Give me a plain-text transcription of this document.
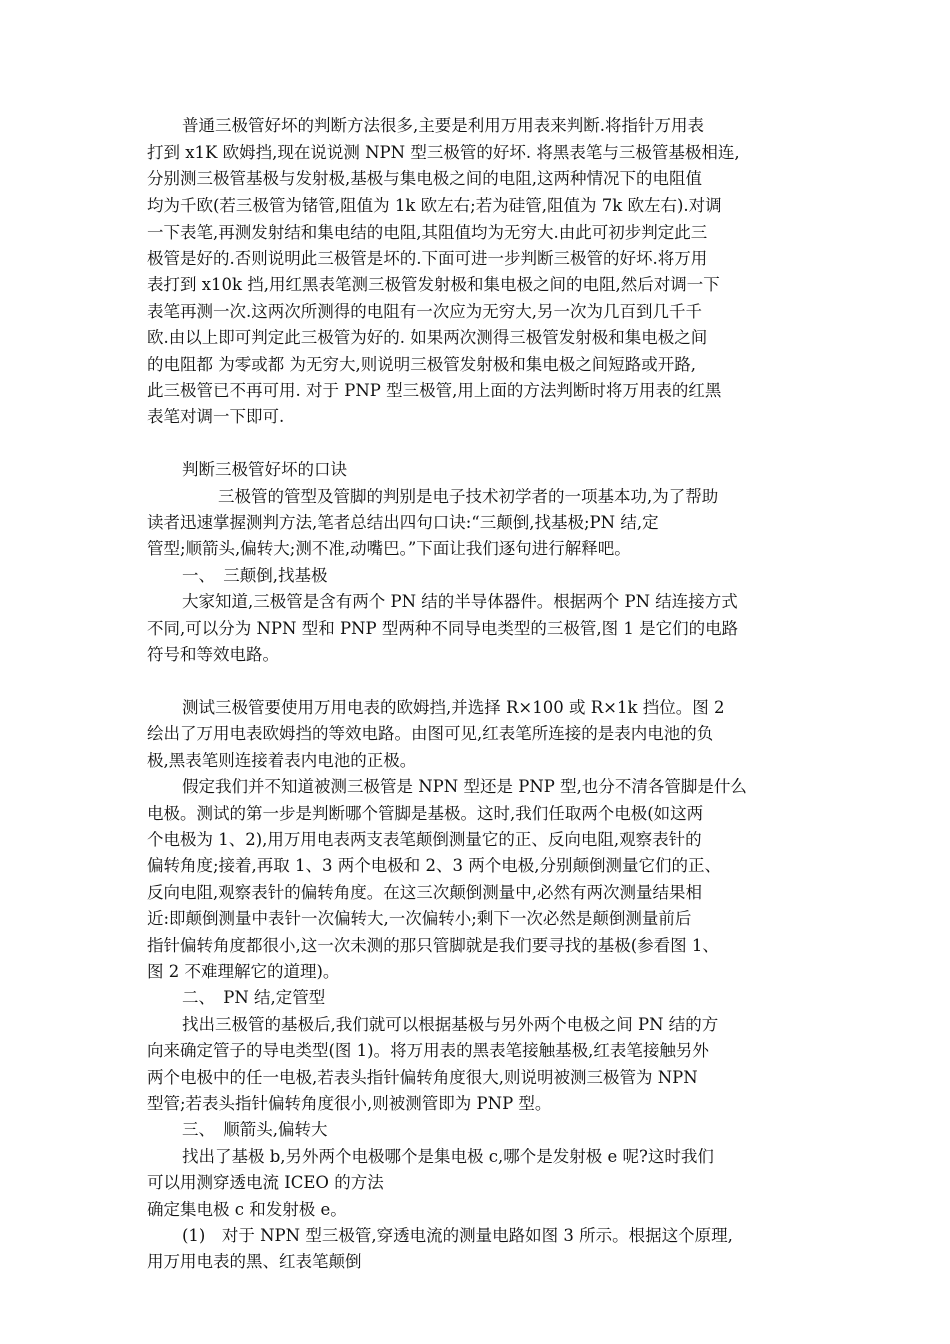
普通三极管好坏的判断方法很多,主要是利用万用表来判断.将指针万用表
打到 x1K 欧姆挡,现在说说测 NPN 型三极管的好坏. 将黑表笔与三极管基极相连,
分别测三极管基极与发射极,基极与集电极之间的电阻,这两种情况下的电阻值
均为千欧(若三极管为锗管,阻值为 1k 欧左右;若为硅管,阻值为 7k 欧左右).对调
一下表笔,再测发射结和集电结的电阻,其阻值均为无穷大.由此可初步判定此三
极管是好的.否则说明此三极管是坏的.下面可进一步判断三极管的好坏.将万用
表打到 x10k 挡,用红黑表笔测三极管发射极和集电极之间的电阻,然后对调一下
表笔再测一次.这两次所测得的电阻有一次应为无穷大,另一次为几百到几千千
欧.由以上即可判定此三极管为好的. 如果两次测得三极管发射极和集电极之间
的电阻都 为零或都 为无穷大,则说明三极管发射极和集电极之间短路或开路,
此三极管已不再可用. 对于 PNP 型三极管,用上面的方法判断时将万用表的红黑
表笔对调一下即可.
判断三极管好坏的口诀
三极管的管型及管脚的判别是电子技术初学者的一项基本功,为了帮助
读者迅速掌握测判方法,笔者总结出四句口诀:“三颠倒,找基极;PN 结,定
管型;顺箭头,偏转大;测不准,动嘴巴。”下面让我们逐句进行解释吧。
一、　三颠倒,找基极
大家知道,三极管是含有两个 PN 结的半导体器件。根据两个 PN 结连接方式
不同,可以分为 NPN 型和 PNP 型两种不同导电类型的三极管,图 1 是它们的电路
符号和等效电路。
测试三极管要使用万用电表的欧姆挡,并选择 R×100 或 R×1k 挡位。图 2
绘出了万用电表欧姆挡的等效电路。由图可见,红表笔所连接的是表内电池的负
极,黑表笔则连接着表内电池的正极。
假定我们并不知道被测三极管是 NPN 型还是 PNP 型,也分不清各管脚是什么
电极。测试的第一步是判断哪个管脚是基极。这时,我们任取两个电极(如这两
个电极为 1、2),用万用电表两支表笔颠倒测量它的正、反向电阻,观察表针的
偏转角度;接着,再取 1、3 两个电极和 2、3 两个电极,分别颠倒测量它们的正、
反向电阻,观察表针的偏转角度。在这三次颠倒测量中,必然有两次测量结果相
近:即颠倒测量中表针一次偏转大,一次偏转小;剩下一次必然是颠倒测量前后
指针偏转角度都很小,这一次未测的那只管脚就是我们要寻找的基极(参看图 1、
图 2 不难理解它的道理)。
二、　PN 结,定管型
找出三极管的基极后,我们就可以根据基极与另外两个电极之间 PN 结的方
向来确定管子的导电类型(图 1)。将万用表的黑表笔接触基极,红表笔接触另外
两个电极中的任一电极,若表头指针偏转角度很大,则说明被测三极管为 NPN
型管;若表头指针偏转角度很小,则被测管即为 PNP 型。
三、　顺箭头,偏转大
找出了基极 b,另外两个电极哪个是集电极 c,哪个是发射极 e 呢?这时我们
可以用测穿透电流 ICEO 的方法
确定集电极 c 和发射极 e。
(1)　对于 NPN 型三极管,穿透电流的测量电路如图 3 所示。根据这个原理,
用万用电表的黑、红表笔颠倒
